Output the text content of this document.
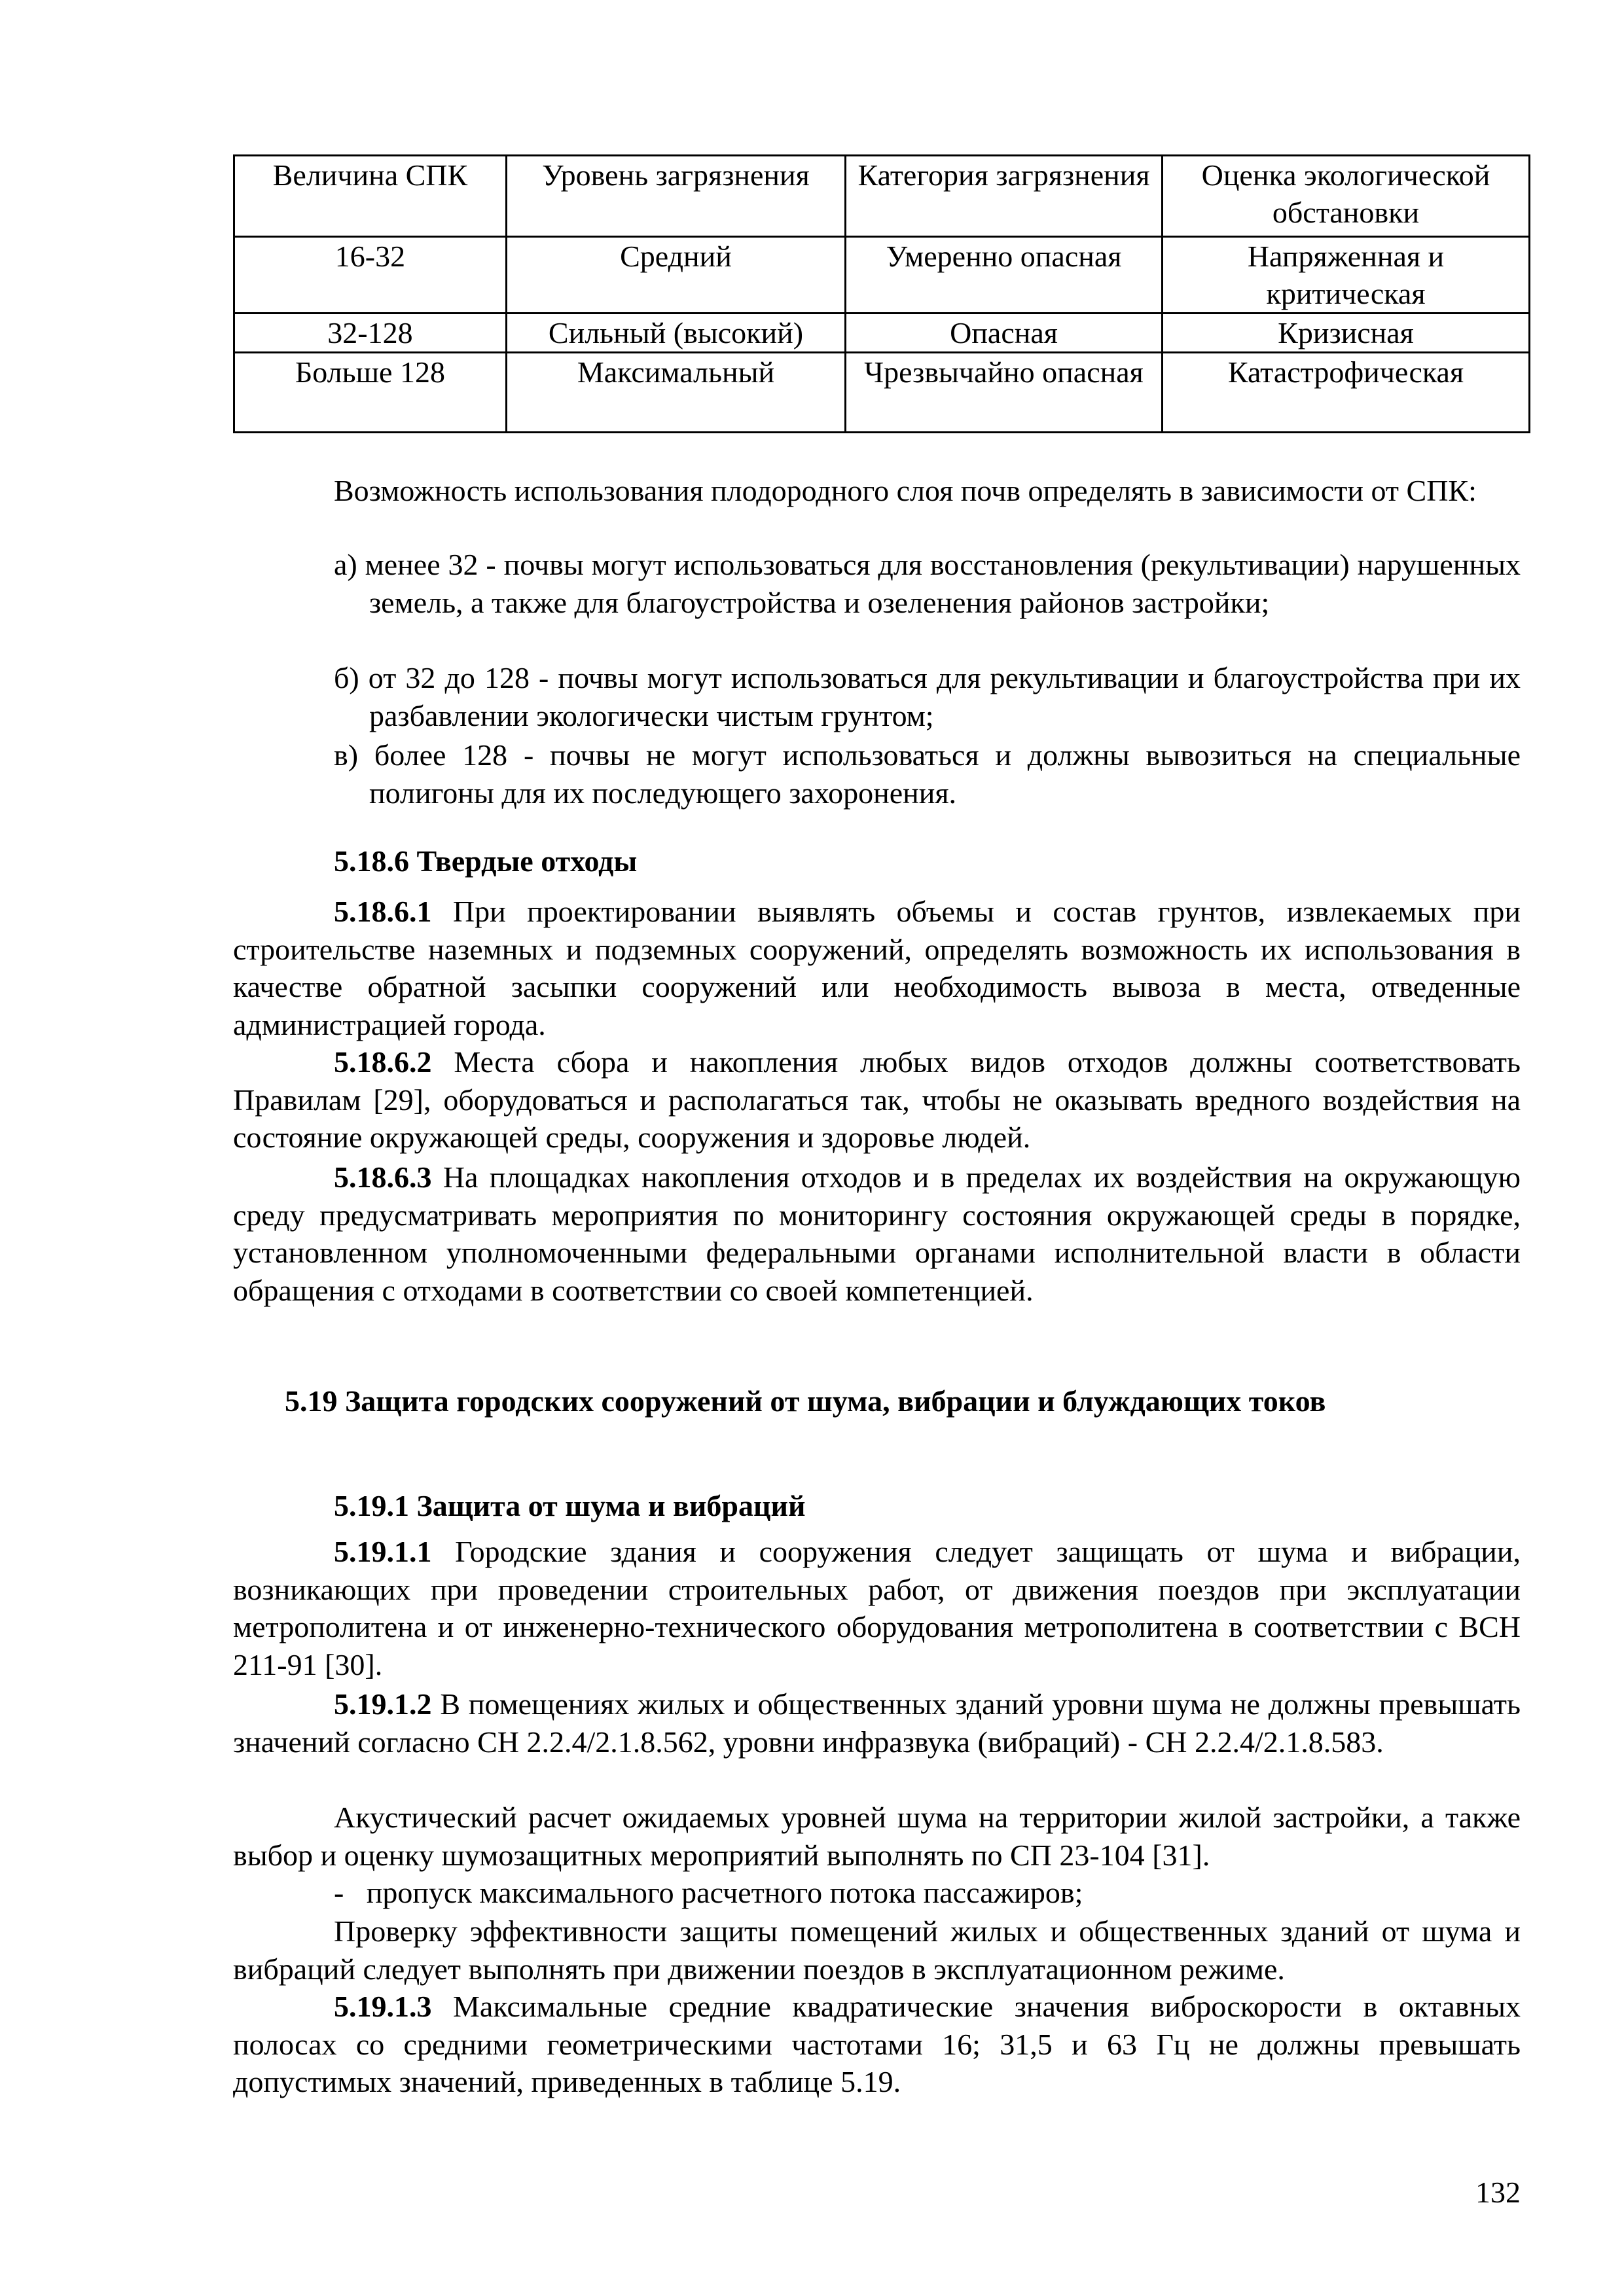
Величина СПК	Уровень загрязнения	Категория загрязнения	Оценка экологической обстановки
16-32	Средний	Умеренно опасная	Напряженная и критическая
32-128	Сильный (высокий)	Опасная	Кризисная
Больше 128	Максимальный	Чрезвычайно опасная	Катастрофическая
Возможность использования плодородного слоя почв определять в зависимости от СПК:
а) менее 32 - почвы могут использоваться для восстановления (рекультивации) нарушенных земель, а также для благоустройства и озеленения районов застройки;
б) от 32 до 128 - почвы могут использоваться для рекультивации и благоустройства при их разбавлении экологически чистым грунтом;
в) более 128 - почвы не могут использоваться и должны вывозиться на специальные полигоны для их последующего захоронения.
5.18.6 Твердые отходы
5.18.6.1 При проектировании выявлять объемы и состав грунтов, извлекаемых при строительстве наземных и подземных сооружений, определять возможность их использования в качестве обратной засыпки сооружений или необходимость вывоза в места, отведенные администрацией города.
5.18.6.2 Места сбора и накопления любых видов отходов должны соответствовать Правилам [29], оборудоваться и располагаться так, чтобы не оказывать вредного воздействия на состояние окружающей среды, сооружения и здоровье людей.
5.18.6.3 На площадках накопления отходов и в пределах их воздействия на окружающую среду предусматривать мероприятия по мониторингу состояния окружающей среды в порядке, установленном уполномоченными федеральными органами исполнительной власти в области обращения с отходами в соответствии со своей компетенцией.
5.19 Защита городских сооружений от шума, вибрации и блуждающих токов
5.19.1 Защита от шума и вибраций
5.19.1.1 Городские здания и сооружения следует защищать от шума и вибрации, возникающих при проведении строительных работ, от движения поездов при эксплуатации метрополитена и от инженерно-технического оборудования метрополитена в соответствии с ВСН 211-91 [30].
5.19.1.2 В помещениях жилых и общественных зданий уровни шума не должны превышать значений согласно СН 2.2.4/2.1.8.562, уровни инфразвука (вибраций) - СН 2.2.4/2.1.8.583.
Акустический расчет ожидаемых уровней шума на территории жилой застройки, а также выбор и оценку шумозащитных мероприятий выполнять по СП 23-104 [31].
-   пропуск максимального расчетного потока пассажиров;
Проверку эффективности защиты помещений жилых и общественных зданий от шума и вибраций следует выполнять при движении поездов в эксплуатационном режиме.
5.19.1.3 Максимальные средние квадратические значения виброскорости в октавных полосах со средними геометрическими частотами 16; 31,5 и 63 Гц не должны превышать допустимых значений, приведенных в таблице 5.19.
132
